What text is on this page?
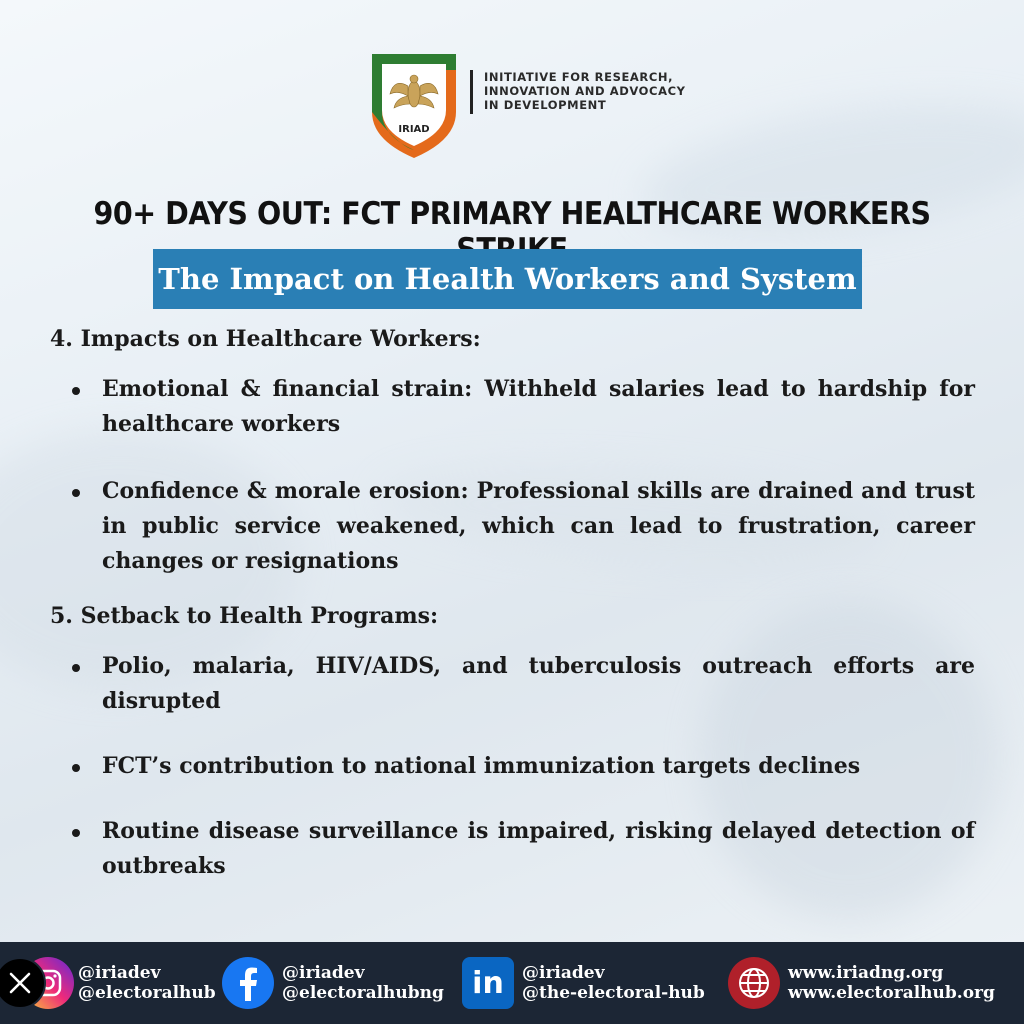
IRIAD
INITIATIVE FOR RESEARCH,
INNOVATION AND ADVOCACY
IN DEVELOPMENT
90+ DAYS OUT: FCT PRIMARY HEALTHCARE WORKERS
The Impact on Health Workers and System
4. Impacts on Healthcare Workers:
Emotional & financial strain: Withheld salaries lead to hardship for healthcare workers
Confidence & morale erosion: Professional skills are drained and trust in public service weakened, which can lead to frustration, career changes or resignations
5. Setback to Health Programs:
Polio, malaria, HIV/AIDS, and tuberculosis outreach efforts are disrupted
FCT’s contribution to national immunization targets declines
Routine disease surveillance is impaired, risking delayed detection of outbreaks
@iriadev
@electoralhub
@iriadev
@electoralhubng in @iriadev
@the-electoral-hub
www.iriadng.org
www.electoralhub.org
